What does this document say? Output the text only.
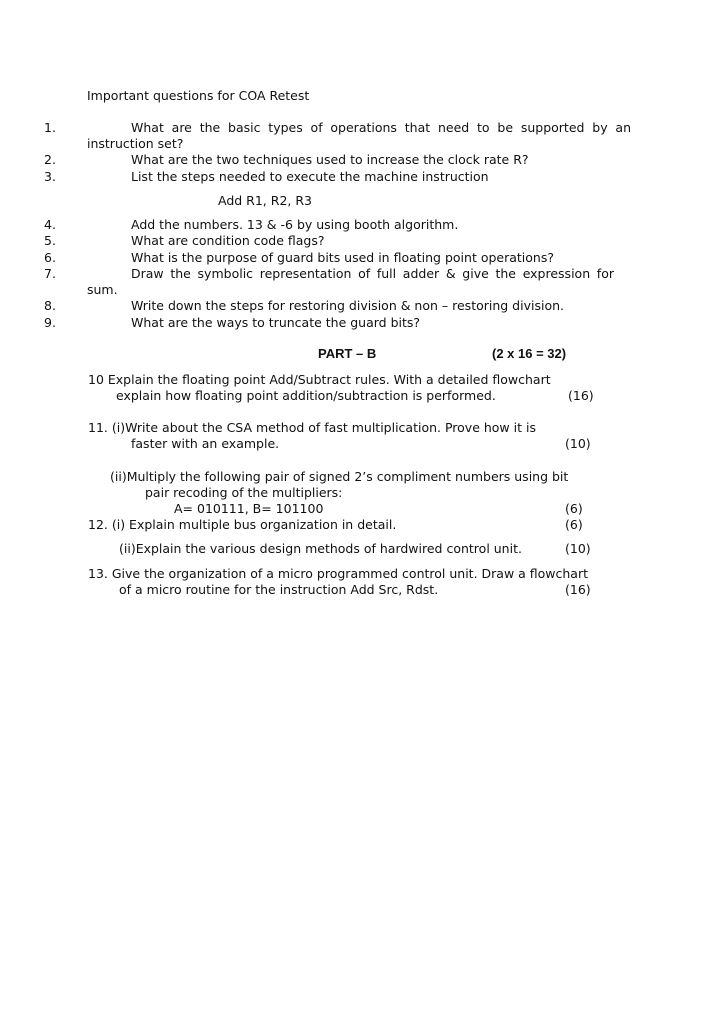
Important questions for COA Retest
1.	What are the basic types of operations that need to be supported by an
instruction set?
2.	What are the two techniques used to increase the clock rate R?
3.	List the steps needed to execute the machine instruction
Add R1, R2, R3
4.	Add the numbers. 13 & -6 by using booth algorithm.
5.	What are condition code flags?
6.	What is the purpose of guard bits used in floating point operations?
7.	Draw the symbolic representation of full adder & give the expression for
sum.
8.	Write down the steps for restoring division & non – restoring division.
9.	What are the ways to truncate the guard bits?
PART – B	(2 x 16 = 32)
10 Explain the floating point Add/Subtract rules. With a detailed flowchart
explain how floating point addition/subtraction is performed.	(16)
11. (i)Write about the CSA method of fast multiplication. Prove how it is
faster with an example.	(10)
(ii)Multiply the following pair of signed 2’s compliment numbers using bit
pair recoding of the multipliers:
A= 010111, B= 101100	(6)
12. (i) Explain multiple bus organization in detail.	(6)
(ii)Explain the various design methods of hardwired control unit.	(10)
13. Give the organization of a micro programmed control unit. Draw a flowchart
of a micro routine for the instruction Add Src, Rdst.	(16)
